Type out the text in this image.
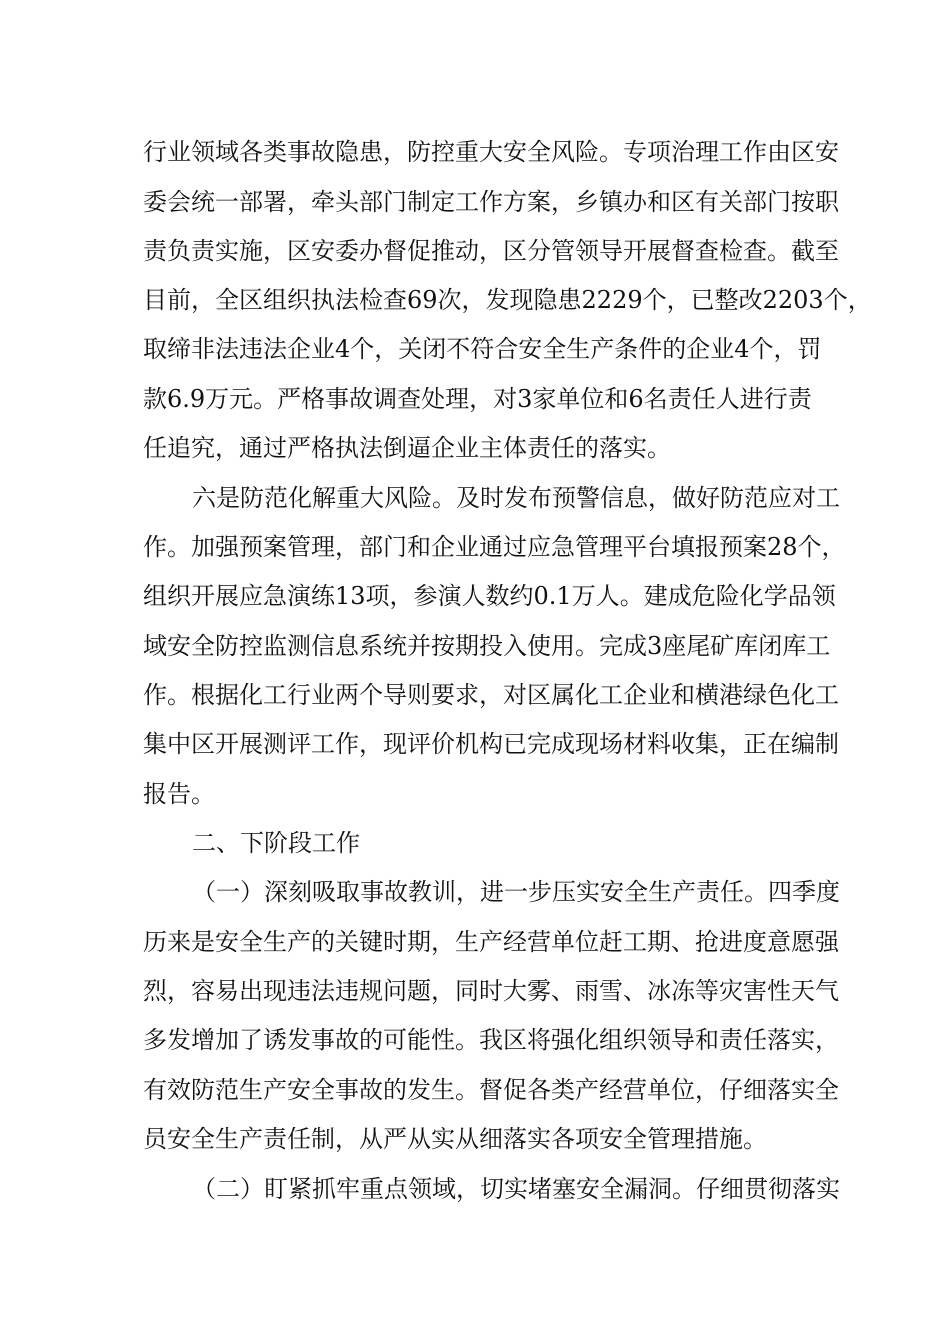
行业领域各类事故隐患，防控重大安全风险。专项治理工作由区安

委会统一部署，牵头部门制定工作方案，乡镇办和区有关部门按职

责负责实施，区安委办督促推动，区分管领导开展督查检查。截至

目前，全区组织执法检查69次，发现隐患2229个，已整改2203个，

取缔非法违法企业4个，关闭不符合安全生产条件的企业4个，罚

款6.9万元。严格事故调查处理，对3家单位和6名责任人进行责

任追究，通过严格执法倒逼企业主体责任的落实。

六是防范化解重大风险。及时发布预警信息，做好防范应对工

作。加强预案管理，部门和企业通过应急管理平台填报预案28个，

组织开展应急演练13项，参演人数约0.1万人。建成危险化学品领

域安全防控监测信息系统并按期投入使用。完成3座尾矿库闭库工

作。根据化工行业两个导则要求，对区属化工企业和横港绿色化工

集中区开展测评工作，现评价机构已完成现场材料收集，正在编制

报告。

二、下阶段工作

（一）深刻吸取事故教训，进一步压实安全生产责任。四季度

历来是安全生产的关键时期，生产经营单位赶工期、抢进度意愿强

烈，容易出现违法违规问题，同时大雾、雨雪、冰冻等灾害性天气

多发增加了诱发事故的可能性。我区将强化组织领导和责任落实，

有效防范生产安全事故的发生。督促各类产经营单位，仔细落实全

员安全生产责任制，从严从实从细落实各项安全管理措施。

（二）盯紧抓牢重点领域，切实堵塞安全漏洞。仔细贯彻落实
